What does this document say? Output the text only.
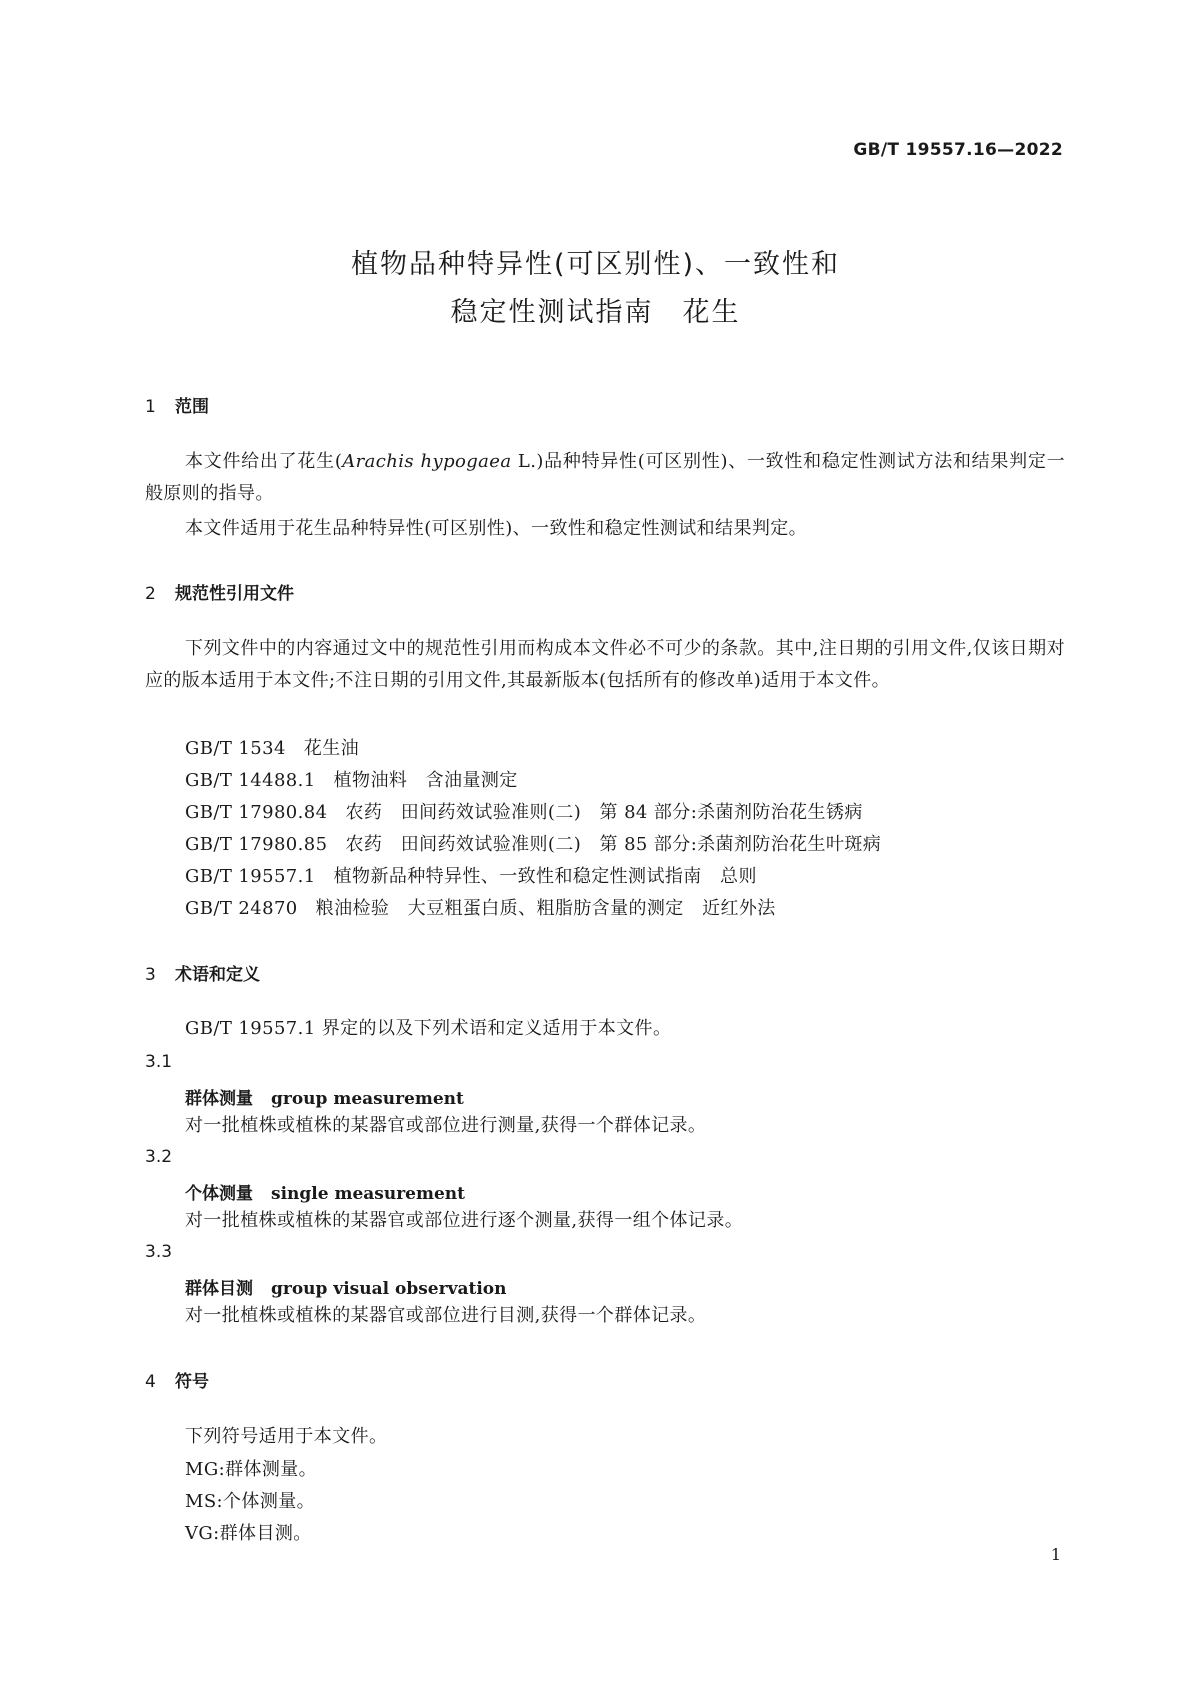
GB/T 19557.16—2022
植物品种特异性(可区别性)、一致性和
稳定性测试指南　花生
1 范围
本文件给出了花生(Arachis hypogaea L.)品种特异性(可区别性)、一致性和稳定性测试方法和结果判定一般原则的指导。
本文件适用于花生品种特异性(可区别性)、一致性和稳定性测试和结果判定。
2 规范性引用文件
下列文件中的内容通过文中的规范性引用而构成本文件必不可少的条款。其中,注日期的引用文件,仅该日期对应的版本适用于本文件;不注日期的引用文件,其最新版本(包括所有的修改单)适用于本文件。
GB/T 1534 花生油
GB/T 14488.1 植物油料　含油量测定
GB/T 17980.84 农药　田间药效试验准则(二)　第 84 部分:杀菌剂防治花生锈病
GB/T 17980.85 农药　田间药效试验准则(二)　第 85 部分:杀菌剂防治花生叶斑病
GB/T 19557.1 植物新品种特异性、一致性和稳定性测试指南　总则
GB/T 24870 粮油检验　大豆粗蛋白质、粗脂肪含量的测定　近红外法
3 术语和定义
GB/T 19557.1 界定的以及下列术语和定义适用于本文件。
3.1
群体测量 group measurement
对一批植株或植株的某器官或部位进行测量,获得一个群体记录。
3.2
个体测量 single measurement
对一批植株或植株的某器官或部位进行逐个测量,获得一组个体记录。
3.3
群体目测 group visual observation
对一批植株或植株的某器官或部位进行目测,获得一个群体记录。
4 符号
下列符号适用于本文件。
MG:群体测量。
MS:个体测量。
VG:群体目测。
1
